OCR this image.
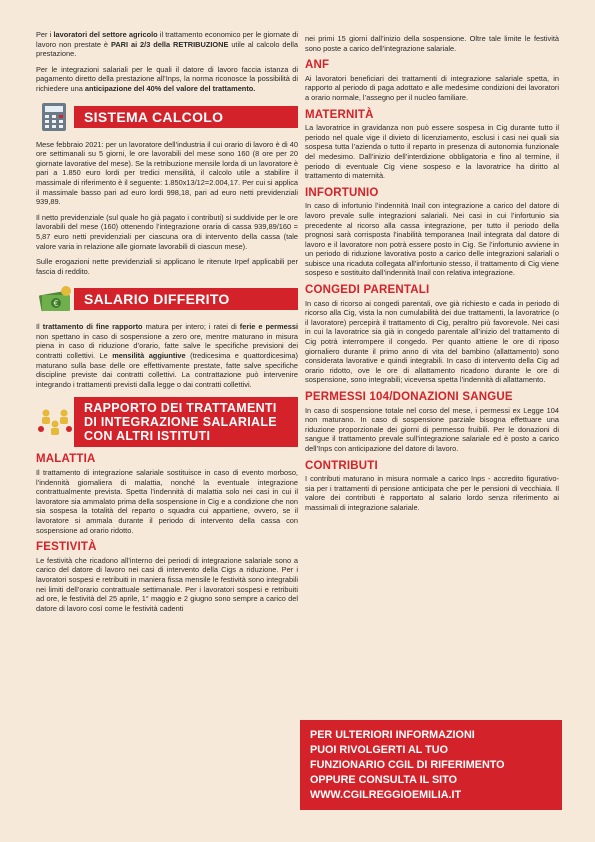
Per i lavoratori del settore agricolo il trattamento economico per le giornate di lavoro non prestate è PARI ai 2/3 della RETRIBUZIONE utile al calcolo della prestazione.

Per le integrazioni salariali per le quali il datore di lavoro faccia istanza di pagamento diretto della prestazione all’Inps, la norma riconosce la possibilità di richiedere una anticipazione del 40% del valore del trattamento.

SISTEMA CALCOLO

Mese febbraio 2021: per un lavoratore dell’industria il cui orario di lavoro è di 40 ore settimanali su 5 giorni, le ore lavorabili del mese sono 160 (8 ore per 20 giornate lavorative del mese). Se la retribuzione mensile lorda di un lavoratore è pari a 1.850 euro lordi per tredici mensilità, il calcolo utile a stabilire il massimale di riferimento è il seguente: 1.850x13/12=2.004,17. Per cui si applica il massimale basso pari ad euro lordi 998,18, pari ad euro netti previdenziali 939,89.

Il netto previdenziale (sul quale ho già pagato i contributi) si suddivide per le ore lavorabili del mese (160) ottenendo l’integrazione oraria di cassa 939,89/160 = 5,87 euro netti previdenziali per ciascuna ora di intervento della cassa (tale valore varia in relazione alle giornate lavorabili di ciascun mese).

Sulle erogazioni nette previdenziali si applicano le ritenute Irpef applicabili per fascia di reddito.

€	SALARIO DIFFERITO

Il trattamento di fine rapporto matura per intero; i ratei di ferie e permessi non spettano in caso di sospensione a zero ore, mentre maturano in misura piena in caso di riduzione d’orario, fatte salve le specifiche previsioni dei contratti collettivi. Le mensilità aggiuntive (tredicesima e quattordicesima) maturano sulla base delle ore effettivamente prestate, fatte salve specifiche discipline previste dai contratti collettivi. La contrattazione può intervenire integrando i trattamenti previsti dalla legge o dai contratti collettivi.

RAPPORTO DEI TRATTAMENTI
DI INTEGRAZIONE SALARIALE
CON ALTRI ISTITUTI
MALATTIA

Il trattamento di integrazione salariale sostituisce in caso di evento morboso, l’indennità giornaliera di malattia, nonché la eventuale integrazione contrattualmente prevista. Spetta l’indennità di malattia solo nei casi in cui il lavoratore sia ammalato prima della sospensione in Cig e a condizione che non sia sospesa la totalità del reparto o squadra cui appartiene, ovvero, se il lavoratore si ammala durante il periodo di intervento della cassa con sospensione ad orario ridotto.

FESTIVITÀ

Le festività che ricadono all’interno dei periodi di integrazione salariale sono a carico del datore di lavoro nei casi di intervento della Cigs a riduzione. Per i lavoratori sospesi e retribuiti in maniera fissa mensile le festività sono integrabili nei limiti dell’orario contrattuale settimanale. Per i lavoratori sospesi e retribuiti ad ore, le festività del 25 aprile, 1° maggio e 2 giugno sono sempre a carico del datore di lavoro così come le festività cadenti

nei primi 15 giorni dall’inizio della sospensione. Oltre tale limite le festività sono poste a carico dell’integrazione salariale.

ANF

Ai lavoratori beneficiari dei trattamenti di integrazione salariale spetta, in rapporto al periodo di paga adottato e alle medesime condizioni dei lavoratori a orario normale, l’assegno per il nucleo familiare.

MATERNITÀ

La lavoratrice in gravidanza non può essere sospesa in Cig durante tutto il periodo nel quale vige il divieto di licenziamento, esclusi i casi nei quali sia sospesa tutta l’azienda o tutto il reparto in presenza di autonomia funzionale del medesimo. Dall’inizio dell’interdizione obbligatoria e fino al termine, il periodo di eventuale Cig viene sospeso e la lavoratrice ha diritto al trattamento di maternità.

INFORTUNIO

In caso di infortunio l’indennità Inail con integrazione a carico del datore di lavoro prevale sulle integrazioni salariali. Nei casi in cui l’infortunio sia precedente al ricorso alla cassa integrazione, per tutto il periodo della prognosi sarà corrisposta l’inabilità temporanea Inail integrata dal datore di lavoro e il lavoratore non potrà essere posto in Cig. Se l’infortunio avviene in un periodo di riduzione lavorativa posto a carico delle integrazioni salariali o subisce una ricaduta collegata all’infortunio stesso, il trattamento di Cig viene sospeso e sostituito dall’indennità Inail con relativa integrazione.

CONGEDI PARENTALI

In caso di ricorso ai congedi parentali, ove già richiesto e cada in periodo di ricorso alla Cig, vista la non cumulabilità dei due trattamenti, la lavoratrice (o il lavoratore) percepirà il trattamento di Cig, peraltro più favorevole. Nei casi in cui la lavoratrice sia già in congedo parentale all’inizio del trattamento di Cig potrà interrompere il congedo. Per quanto attiene le ore di riposo giornaliero durante il primo anno di vita del bambino (allattamento) sono considerata lavorative e quindi integrabili. In caso di intervento della Cig ad orario ridotto, ove le ore di allattamento ricadono durante le ore di sospensione, sono integrabili; viceversa spetta l’indennità di allattamento.

PERMESSI 104/DONAZIONI SANGUE

In caso di sospensione totale nel corso del mese, i permessi ex Legge 104 non maturano. In caso di sospensione parziale bisogna effettuare una riduzione proporzionale dei giorni di permesso fruibili. Per le donazioni di sangue il trattamento prevale sull’integrazione salariale ed è posto a carico dell’Inps con anticipazione del datore di lavoro.

CONTRIBUTI

I contributi maturano in misura normale a carico Inps - accredito figurativo- sia per i trattamenti di pensione anticipata che per le pensioni di vecchiaia. Il valore dei contributi è rapportato al salario lordo senza riferimento ai massimali di integrazione salariale.

PER ULTERIORI INFORMAZIONI
PUOI RIVOLGERTI AL TUO
FUNZIONARIO CGIL DI RIFERIMENTO
OPPURE CONSULTA IL SITO
WWW.CGILREGGIOEMILIA.IT
